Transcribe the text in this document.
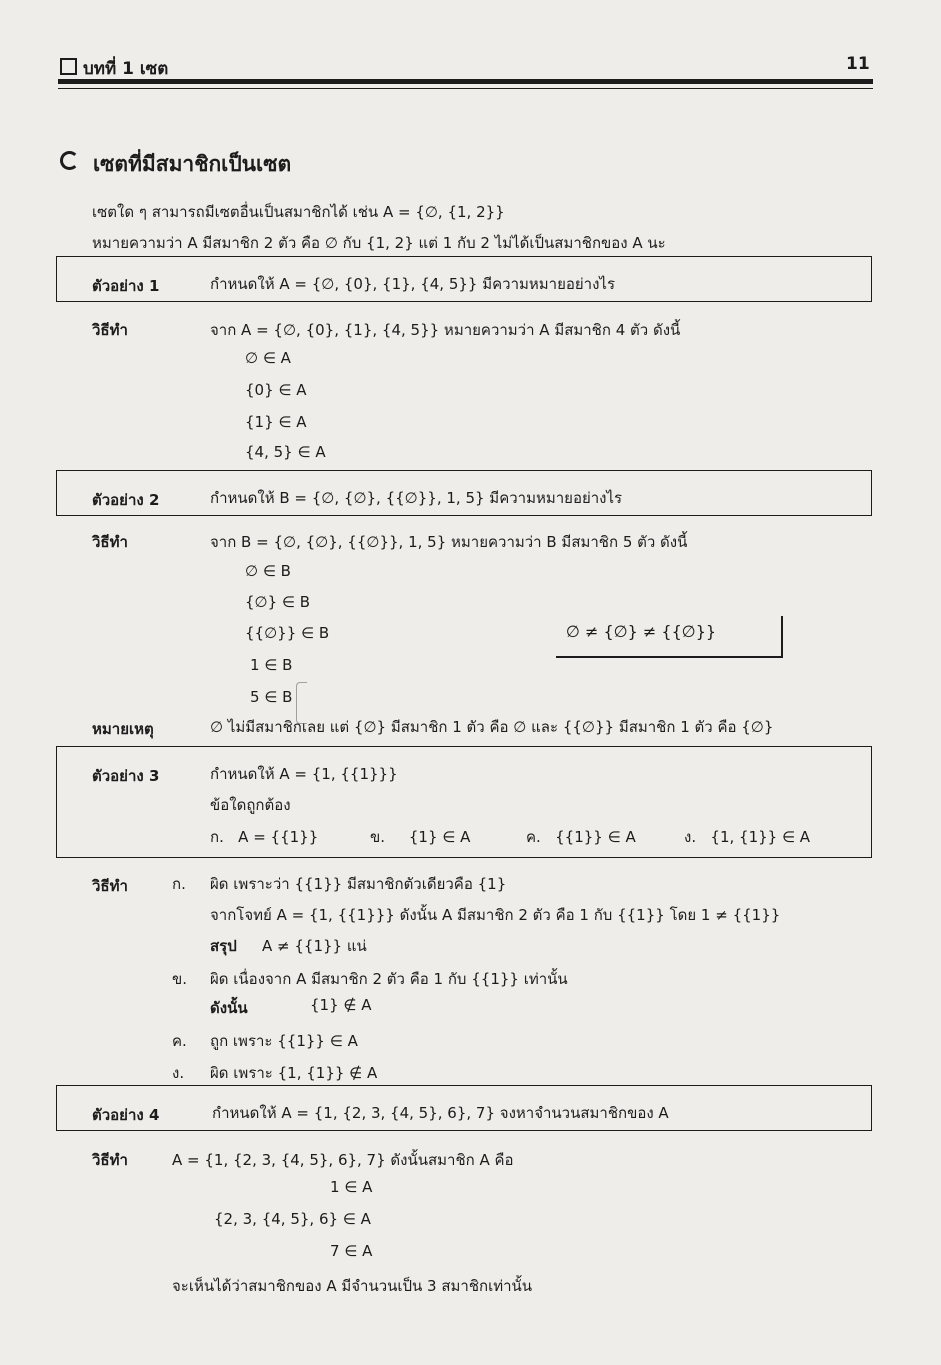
บทที่ 1 เซต	11
เซตที่มีสมาชิกเป็นเซต
เซตใด ๆ สามารถมีเซตอื่นเป็นสมาชิกได้ เช่น A = {∅, {1, 2}}
หมายความว่า A มีสมาชิก 2 ตัว คือ ∅ กับ {1, 2} แต่ 1 กับ 2 ไม่ได้เป็นสมาชิกของ A นะ
ตัวอย่าง 1	กำหนดให้ A = {∅, {0}, {1}, {4, 5}} มีความหมายอย่างไร
วิธีทำ	จาก A = {∅, {0}, {1}, {4, 5}} หมายความว่า A มีสมาชิก 4 ตัว ดังนี้
∅ ∈ A
{0} ∈ A
{1} ∈ A
{4, 5} ∈ A
ตัวอย่าง 2	กำหนดให้ B = {∅, {∅}, {{∅}}, 1, 5} มีความหมายอย่างไร
วิธีทำ	จาก B = {∅, {∅}, {{∅}}, 1, 5} หมายความว่า B มีสมาชิก 5 ตัว ดังนี้
∅ ∈ B
{∅} ∈ B
{{∅}} ∈ B
1 ∈ B
5 ∈ B
∅ ≠ {∅} ≠ {{∅}}
หมายเหตุ	∅ ไม่มีสมาชิกเลย แต่ {∅} มีสมาชิก 1 ตัว คือ ∅ และ {{∅}} มีสมาชิก 1 ตัว คือ {∅}
ตัวอย่าง 3	กำหนดให้ A = {1, {{1}}}
ข้อใดถูกต้อง
ก. A = {{1}}	ข. {1} ∈ A	ค. {{1}} ∈ A	ง. {1, {1}} ∈ A
วิธีทำ	ก. ผิด เพราะว่า {{1}} มีสมาชิกตัวเดียวคือ {1}
จากโจทย์ A = {1, {{1}}} ดังนั้น A มีสมาชิก 2 ตัว คือ 1 กับ {{1}} โดย 1 ≠ {{1}}
สรุป A ≠ {{1}} แน่
ข. ผิด เนื่องจาก A มีสมาชิก 2 ตัว คือ 1 กับ {{1}} เท่านั้น
ดังนั้น	{1} ∉ A
ค. ถูก เพราะ {{1}} ∈ A
ง. ผิด เพราะ {1, {1}} ∉ A
ตัวอย่าง 4	กำหนดให้ A = {1, {2, 3, {4, 5}, 6}, 7} จงหาจำนวนสมาชิกของ A
วิธีทำ	A = {1, {2, 3, {4, 5}, 6}, 7} ดังนั้นสมาชิก A คือ
1 ∈ A
{2, 3, {4, 5}, 6} ∈ A
7 ∈ A
จะเห็นได้ว่าสมาชิกของ A มีจำนวนเป็น 3 สมาชิกเท่านั้น
